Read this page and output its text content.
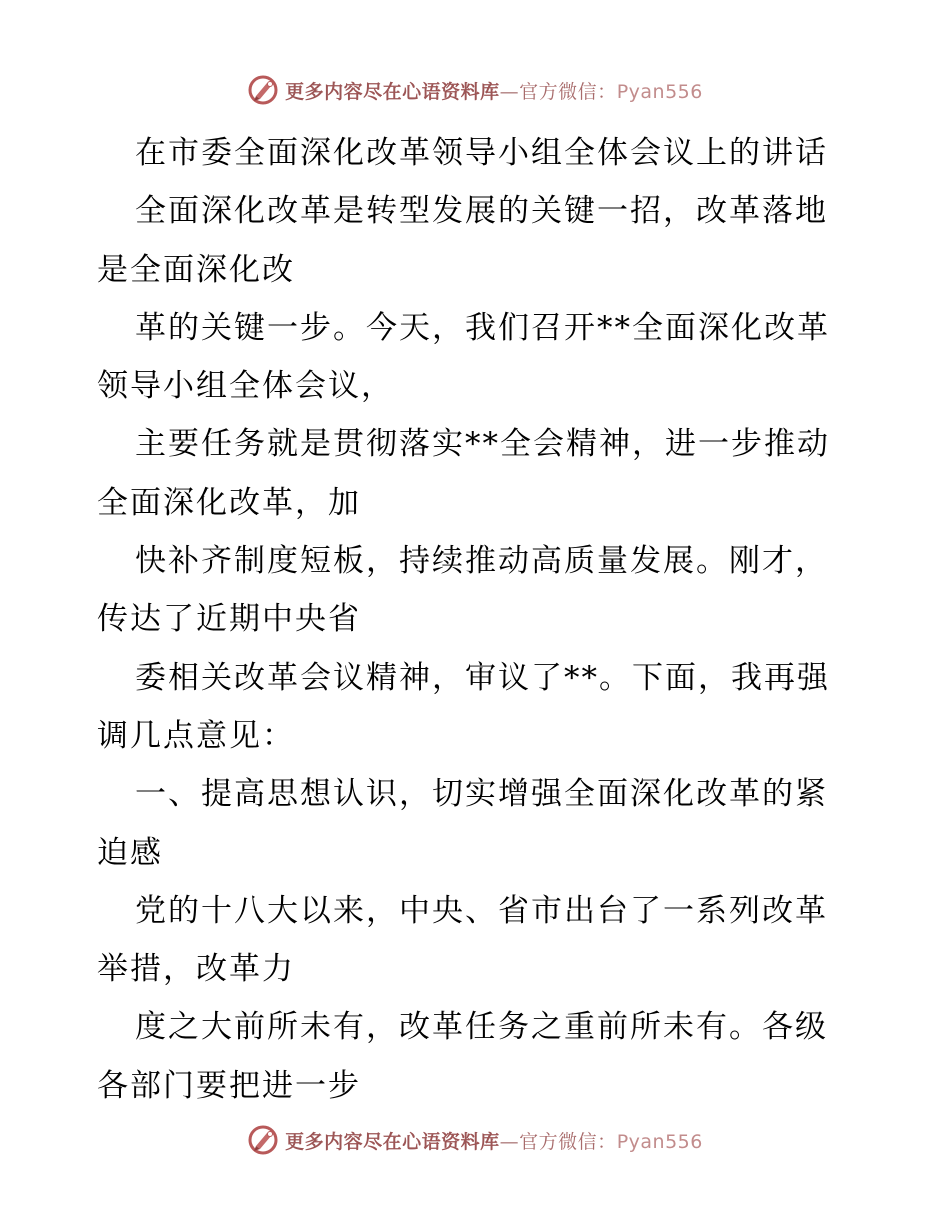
更多内容尽在心语资料库—官方微信：Pyan556
在市委全面深化改革领导小组全体会议上的讲话
全面深化改革是转型发展的关键一招，改革落地
是全面深化改
革的关键一步。今天，我们召开**全面深化改革
领导小组全体会议，
主要任务就是贯彻落实**全会精神，进一步推动
全面深化改革，加
快补齐制度短板，持续推动高质量发展。刚才，
传达了近期中央省
委相关改革会议精神，审议了**。下面，我再强
调几点意见：
一、提高思想认识，切实增强全面深化改革的紧
迫感
党的十八大以来，中央、省市出台了一系列改革
举措，改革力
度之大前所未有，改革任务之重前所未有。各级
各部门要把进一步
更多内容尽在心语资料库—官方微信：Pyan556
